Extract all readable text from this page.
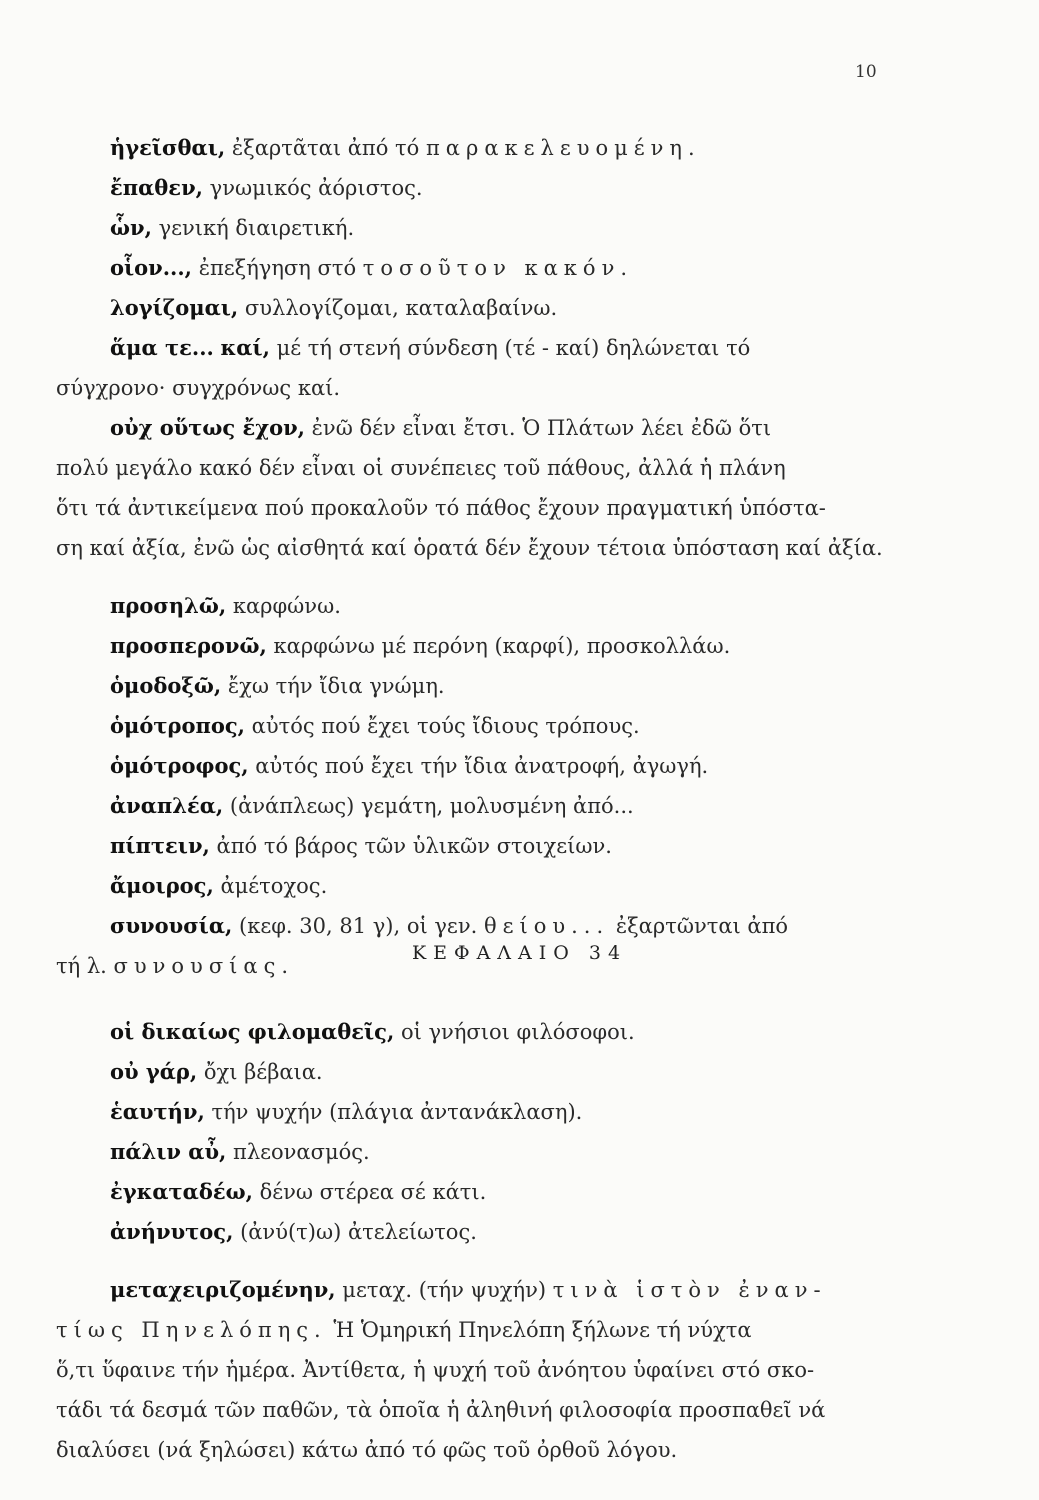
10
ἡγεῖσθαι, ἐξαρτᾶται ἀπό τό παρακελευομένη.
ἔπαθεν, γνωμικός ἀόριστος.
ὧν, γενική διαιρετική.
οἷον..., ἐπεξήγηση στό τοσοῦτον κακόν.
λογίζομαι, συλλογίζομαι, καταλαβαίνω.
ἅμα τε... καί, μέ τή στενή σύνδεση (τέ - καί) δηλώνεται τό
σύγχρονο· συγχρόνως καί.
οὐχ οὕτως ἔχον, ἐνῶ δέν εἶναι ἔτσι. Ὁ Πλάτων λέει ἐδῶ ὅτι
πολύ μεγάλο κακό δέν εἶναι οἱ συνέπειες τοῦ πάθους, ἀλλά ἡ πλάνη
ὅτι τά ἀντικείμενα πού προκαλοῦν τό πάθος ἔχουν πραγματική ὑπόστα-
ση καί ἀξία, ἐνῶ ὡς αἰσθητά καί ὁρατά δέν ἔχουν τέτοια ὑπόσταση καί ἀξία.
προσηλῶ, καρφώνω.
προσπερονῶ, καρφώνω μέ περόνη (καρφί), προσκολλάω.
ὁμοδοξῶ, ἔχω τήν ἴδια γνώμη.
ὁμότροπος, αὐτός πού ἔχει τούς ἴδιους τρόπους.
ὁμότροφος, αὐτός πού ἔχει τήν ἴδια ἀνατροφή, ἀγωγή.
ἀναπλέα, (ἀνάπλεως) γεμάτη, μολυσμένη ἀπό...
πίπτειν, ἀπό τό βάρος τῶν ὑλικῶν στοιχείων.
ἄμοιρος, ἀμέτοχος.
συνουσία, (κεφ. 30, 81 γ), οἱ γεν. θείου... ἐξαρτῶνται ἀπό
τή λ. συνουσίας.
ΚΕΦΑΛΑΙΟ 34
οἱ δικαίως φιλομαθεῖς, οἱ γνήσιοι φιλόσοφοι.
οὐ γάρ, ὄχι βέβαια.
ἑαυτήν, τήν ψυχήν (πλάγια ἀντανάκλαση).
πάλιν αὖ, πλεονασμός.
ἐγκαταδέω, δένω στέρεα σέ κάτι.
ἀνήνυτος, (ἀνύ(τ)ω) ἀτελείωτος.
μεταχειριζομένην, μεταχ. (τήν ψυχήν) τινὰ ἱστὸν ἐναν-
τίως Πηνελόπης. Ἡ Ὁμηρική Πηνελόπη ξήλωνε τή νύχτα
ὅ,τι ὕφαινε τήν ἡμέρα. Ἀντίθετα, ἡ ψυχή τοῦ ἀνόητου ὑφαίνει στό σκο-
τάδι τά δεσμά τῶν παθῶν, τὰ ὁποῖα ἡ ἀληθινή φιλοσοφία προσπαθεῖ νά
διαλύσει (νά ξηλώσει) κάτω ἀπό τό φῶς τοῦ ὀρθοῦ λόγου.
